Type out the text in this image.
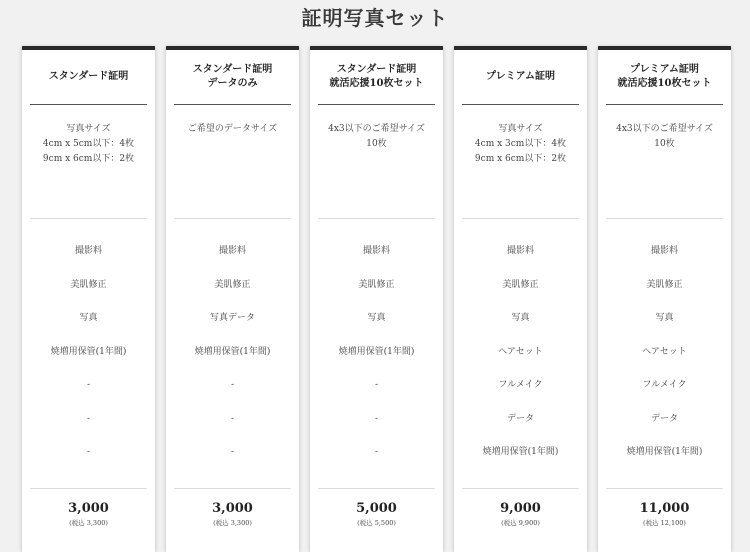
証明写真セット
スタンダード証明
写真サイズ
4cm x 5cm以下：4枚
9cm x 6cm以下：2枚
撮影料
美肌修正
写真
焼増用保管(1年間)
-
-
-
3,000
(税込 3,300)
スタンダード証明
データのみ
ご希望のデータサイズ
撮影料
美肌修正
写真データ
焼増用保管(1年間)
-
-
-
3,000
(税込 3,300)
スタンダード証明
就活応援10枚セット
4x3以下のご希望サイズ
10枚
撮影料
美肌修正
写真
焼増用保管(1年間)
-
-
-
5,000
(税込 5,500)
プレミアム証明
写真サイズ
4cm x 3cm以下：4枚
9cm x 6cm以下：2枚
撮影料
美肌修正
写真
ヘアセット
フルメイク
データ
焼増用保管(1年間)
9,000
(税込 9,900)
プレミアム証明
就活応援10枚セット
4x3以下のご希望サイズ
10枚
撮影料
美肌修正
写真
ヘアセット
フルメイク
データ
焼増用保管(1年間)
11,000
(税込 12,100)
